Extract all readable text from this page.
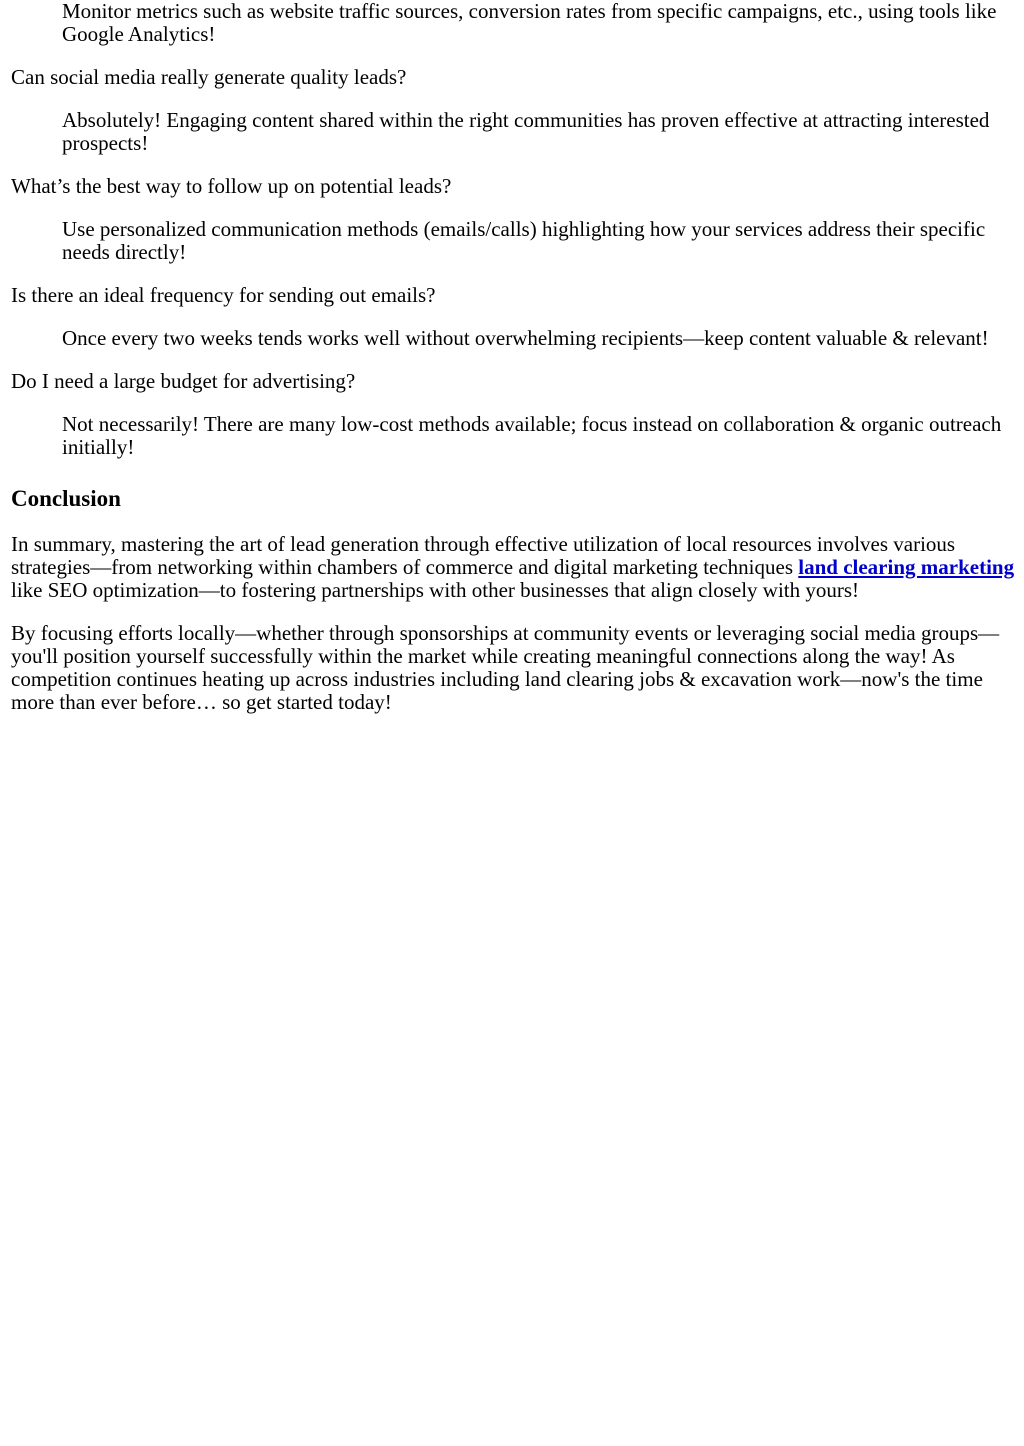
Monitor metrics such as website traffic sources, conversion rates from specific campaigns, etc., using tools like Google Analytics!
Can social media really generate quality leads?
Absolutely! Engaging content shared within the right communities has proven effective at attracting interested prospects!
What’s the best way to follow up on potential leads?
Use personalized communication methods (emails/calls) highlighting how your services address their specific needs directly!
Is there an ideal frequency for sending out emails?
Once every two weeks tends works well without overwhelming recipients—keep content valuable & relevant!
Do I need a large budget for advertising?
Not necessarily! There are many low-cost methods available; focus instead on collaboration & organic outreach initially!
Conclusion

In summary, mastering the art of lead generation through effective utilization of local resources involves various strategies—from networking within chambers of commerce and digital marketing techniques land clearing marketing like SEO optimization—to fostering partnerships with other businesses that align closely with yours!

By focusing efforts locally—whether through sponsorships at community events or leveraging social media groups—you'll position yourself successfully within the market while creating meaningful connections along the way! As competition continues heating up across industries including land clearing jobs & excavation work—now's the time more than ever before… so get started today!
